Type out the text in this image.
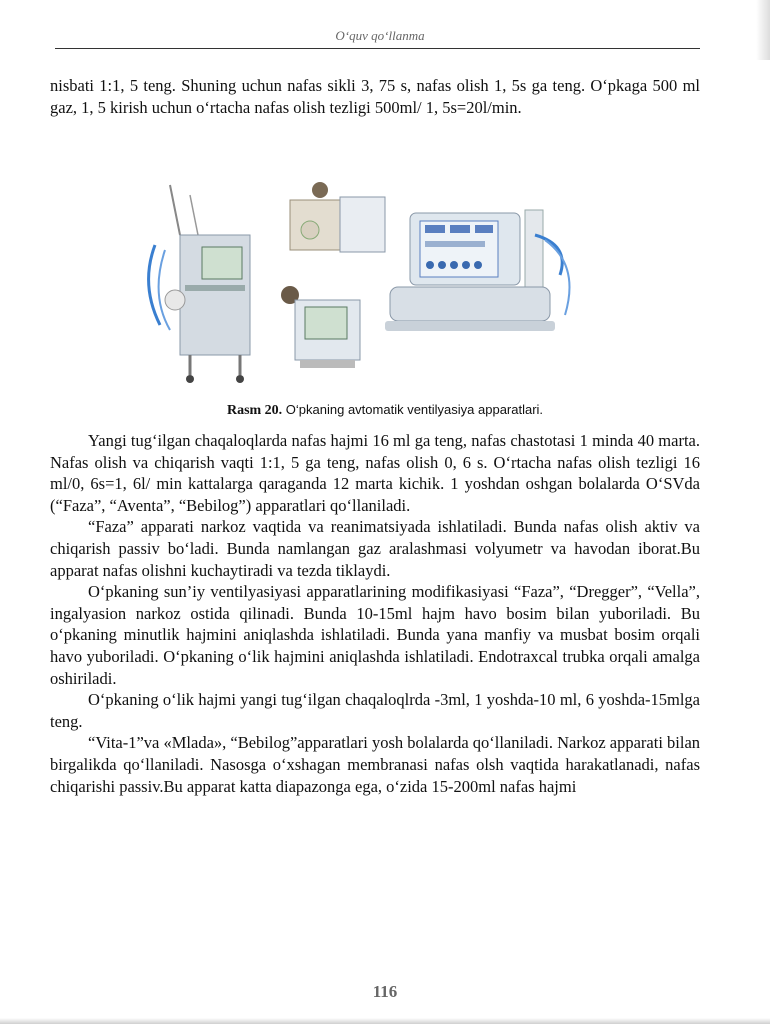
O‘quv qo‘llanma

nisbati 1:1, 5 teng. Shuning uchun nafas sikli 3, 75 s, nafas olish 1, 5s ga teng. O‘pkaga 500 ml gaz, 1, 5 kirish uchun o‘rtacha nafas olish tezligi 500ml/ 1, 5s=20l/min.

Rasm 20. O‘pkaning avtomatik ventilyasiya apparatlari.

Yangi tug‘ilgan chaqaloqlarda nafas hajmi 16 ml ga teng, nafas chastotasi 1 minda 40 marta. Nafas olish va chiqarish vaqti 1:1, 5 ga teng, nafas olish 0, 6 s. O‘rtacha nafas olish tezligi 16 ml/0, 6s=1, 6l/ min kattalarga qaraganda 12 marta kichik. 1 yoshdan oshgan bolalarda O‘SVda (“Faza”, “Aventa”, “Bebilog”) apparatlari qo‘llaniladi.

“Faza” apparati narkoz vaqtida va reanimatsiyada ishlatiladi. Bunda nafas olish aktiv va chiqarish passiv bo‘ladi. Bunda namlangan gaz aralashmasi volyumetr va havodan iborat.Bu apparat nafas olishni kuchaytiradi va tezda tiklaydi.

O‘pkaning sun’iy ventilyasiyasi apparatlarining modifikasiyasi “Faza”, “Dregger”, “Vella”, ingalyasion narkoz ostida qilinadi. Bunda 10-15ml hajm havo bosim bilan yuboriladi. Bu o‘pkaning minutlik hajmini aniqlashda ishlatiladi. Bunda yana manfiy va musbat bosim orqali havo yuboriladi. O‘pkaning o‘lik hajmini aniqlashda ishlatiladi. Endotraxcal trubka orqali amalga oshiriladi.

O‘pkaning o‘lik hajmi yangi tug‘ilgan chaqaloqlrda -3ml, 1 yoshda-10 ml, 6 yoshda-15mlga teng.

“Vita-1”va «Mlada», “Bebilog”apparatlari yosh bolalarda qo‘llaniladi. Narkoz apparati bilan birgalikda qo‘llaniladi. Nasosga o‘xshagan membranasi nafas olsh vaqtida harakatlanadi, nafas chiqarishi passiv.Bu apparat katta diapazonga ega, o‘zida 15-200ml nafas hajmi

116
